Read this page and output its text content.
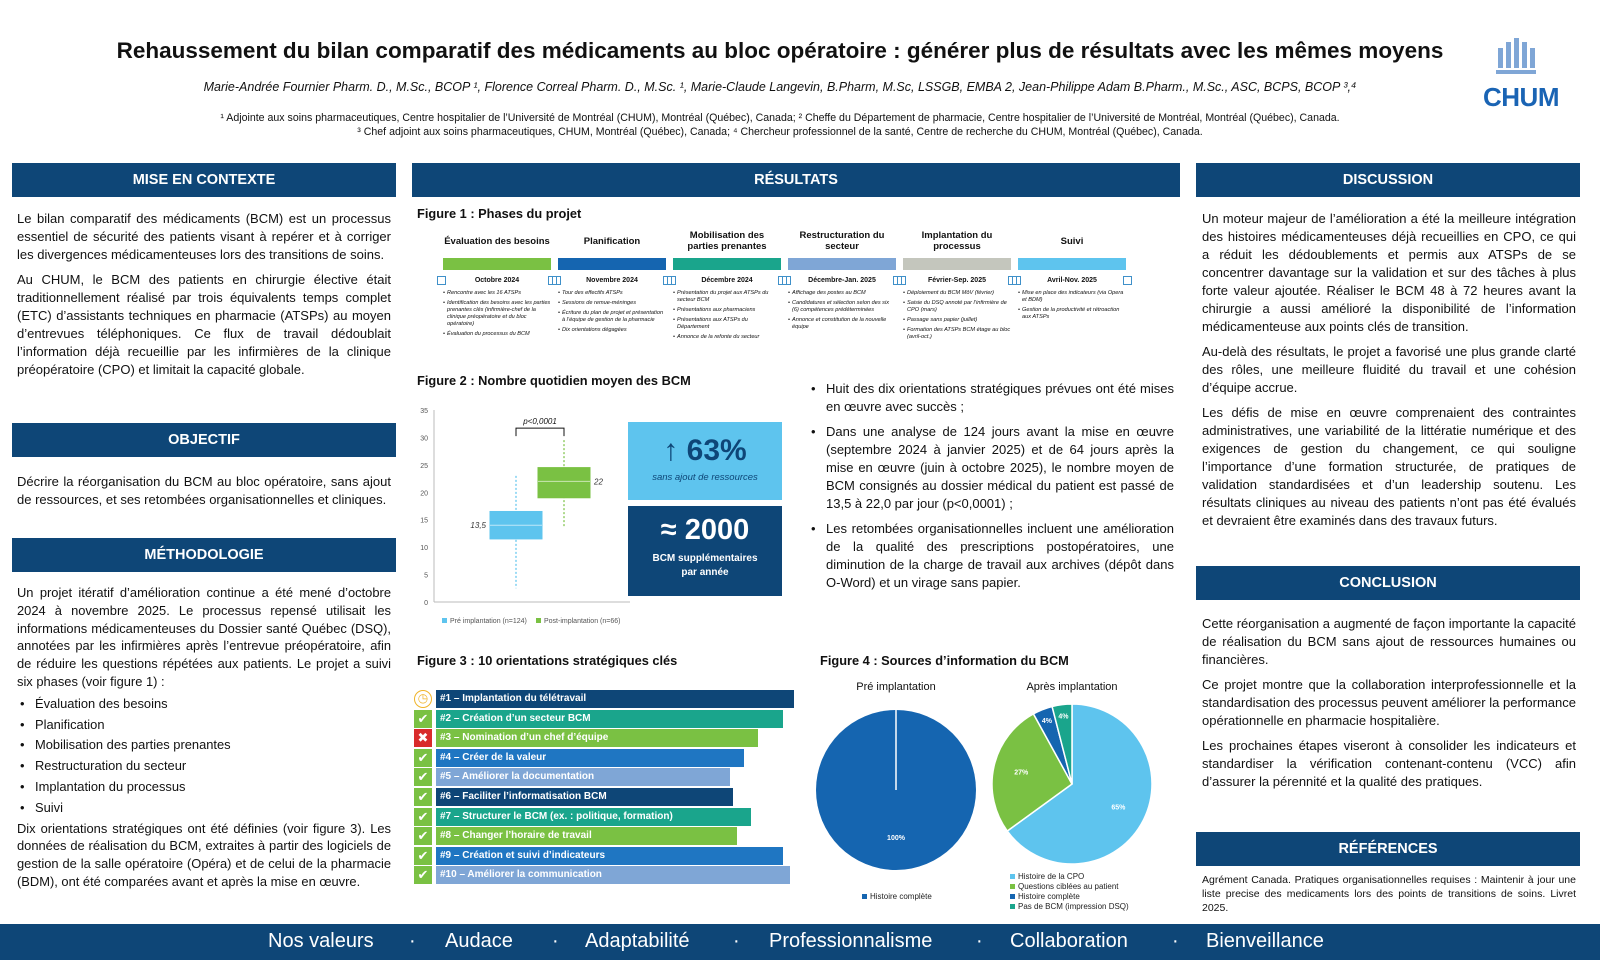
Rehaussement du bilan comparatif des médicaments au bloc opératoire : générer plus de résultats avec les mêmes moyens
Marie-Andrée Fournier Pharm. D., M.Sc., BCOP ¹, Florence Correal Pharm. D., M.Sc. ¹, Marie-Claude Langevin, B.Pharm, M.Sc, LSSGB, EMBA 2, Jean-Philippe Adam B.Pharm., M.Sc., ASC, BCPS, BCOP ³,⁴
¹ Adjointe aux soins pharmaceutiques, Centre hospitalier de l’Université de Montréal (CHUM), Montréal (Québec), Canada; ² Cheffe du Département de pharmacie, Centre hospitalier de l’Université de Montréal, Montréal (Québec), Canada.
³ Chef adjoint aux soins pharmaceutiques, CHUM, Montréal (Québec), Canada; ⁴ Chercheur professionnel de la santé, Centre de recherche du CHUM, Montréal (Québec), Canada.
CHUM
MISE EN CONTEXTE

Le bilan comparatif des médicaments (BCM) est un processus essentiel de sécurité des patients visant à repérer et à corriger les divergences médicamenteuses lors des transitions de soins.

Au CHUM, le BCM des patients en chirurgie élective était traditionnellement réalisé par trois équivalents temps complet (ETC) d’assistants techniques en pharmacie (ATSPs) au moyen d’entrevues téléphoniques. Ce flux de travail dédoublait l’information déjà recueillie par les infirmières de la clinique préopératoire (CPO) et limitait la capacité globale.

OBJECTIF

Décrire la réorganisation du BCM au bloc opératoire, sans ajout de ressources, et ses retombées organisationnelles et cliniques.

MÉTHODOLOGIE

Un projet itératif d’amélioration continue a été mené d’octobre 2024 à novembre 2025. Le processus repensé utilisait les informations médicamenteuses du Dossier santé Québec (DSQ), annotées par les infirmières après l’entrevue préopératoire, afin de réduire les questions répétées aux patients. Le projet a suivi six phases (voir figure 1) :

• Évaluation des besoins
• Planification
• Mobilisation des parties prenantes
• Restructuration du secteur
• Implantation du processus
• Suivi

Dix orientations stratégiques ont été définies (voir figure 3). Les données de réalisation du BCM, extraites à partir des logiciels de gestion de la salle opératoire (Opéra) et de celui de la pharmacie (BDM), ont été comparées avant et après la mise en œuvre.

RÉSULTATS
Figure 1 : Phases du projet
Évaluation des besoins
Octobre 2024
• Rencontre avec les 16 ATSPs
• Identification des besoins avec les parties prenantes clés (infirmière-chef de la clinique préopératoire et du bloc opératoire)
• Évaluation du processus du BCM
Planification
Novembre 2024
• Tour des effectifs ATSPs
• Sessions de remue-méninges
• Écriture du plan de projet et présentation à l’équipe de gestion de la pharmacie
• Dix orientations dégagées
Mobilisation des parties prenantes
Décembre 2024
• Présentation du projet aux ATSPs du secteur BCM
• Présentations aux pharmaciens
• Présentations aux ATSPs du Département
• Annonce de la refonte du secteur
Restructuration du secteur
Décembre-Jan. 2025
• Affichage des postes au BCM
• Candidatures et sélection selon des six (6) compétences prédéterminées
• Annonce et constitution de la nouvelle équipe
Implantation du processus
Février-Sep. 2025
• Déploiement du BCM MôV (février)
• Saisie du DSQ annoté par l’infirmière de CPO (mars)
• Passage sans papier (juillet)
• Formation des ATSPs BCM étage au bloc (avril-oct.)
Suivi
Avril-Nov. 2025
• Mise en place des indicateurs (via Opera et BDM)
• Gestion de la productivité et rétroaction aux ATSPs
Figure 2 : Nombre quotidien moyen des BCM
0
5
10
15
20
25
30
35
13,5
22
p<0,0001
Pré implantation (n=124) Post-implantation (n=66)
↑ 63%
sans ajout de ressources
≈ 2000
BCM supplémentaires
par année
• Huit des dix orientations stratégiques prévues ont été mises en œuvre avec succès ;
• Dans une analyse de 124 jours avant la mise en œuvre (septembre 2024 à janvier 2025) et de 64 jours après la mise en œuvre (juin à octobre 2025), le nombre moyen de BCM consignés au dossier médical du patient est passé de 13,5 à 22,0 par jour (p<0,0001) ;
• Les retombées organisationnelles incluent une amélioration de la qualité des prescriptions postopératoires, une diminution de la charge de travail aux archives (dépôt dans O-Word) et un virage sans papier.
Figure 3 : 10 orientations stratégiques clés
◷	#1 – Implantation du télétravail
✔	#2 – Création d’un secteur BCM
✖	#3 – Nomination d’un chef d’équipe
✔	#4 – Créer de la valeur
✔	#5 – Améliorer la documentation
✔	#6 – Faciliter l’informatisation BCM
✔	#7 – Structurer le BCM (ex. : politique, formation)
✔	#8 – Changer l’horaire de travail
✔	#9 – Création et suivi d’indicateurs
✔	#10 – Améliorer la communication
Figure 4 : Sources d’information du BCM
Pré implantation
100%
Après implantation
65%
27%
4%
4%
Histoire complète
Histoire de la CPO
Questions ciblées au patient
Histoire complète
Pas de BCM (impression DSQ)
DISCUSSION

Un moteur majeur de l’amélioration a été la meilleure intégration des histoires médicamenteuses déjà recueillies en CPO, ce qui a réduit les dédoublements et permis aux ATSPs de se concentrer davantage sur la validation et sur des tâches à plus forte valeur ajoutée. Réaliser le BCM 48 à 72 heures avant la chirurgie a aussi amélioré la disponibilité de l’information médicamenteuse aux points clés de transition.

Au-delà des résultats, le projet a favorisé une plus grande clarté des rôles, une meilleure fluidité du travail et une cohésion d’équipe accrue.

Les défis de mise en œuvre comprenaient des contraintes administratives, une variabilité de la littératie numérique et des exigences de gestion du changement, ce qui souligne l’importance d’une formation structurée, de pratiques de validation standardisées et d’un leadership soutenu. Les résultats cliniques au niveau des patients n’ont pas été évalués et devraient être examinés dans des travaux futurs.

CONCLUSION

Cette réorganisation a augmenté de façon importante la capacité de réalisation du BCM sans ajout de ressources humaines ou financières.

Ce projet montre que la collaboration interprofessionnelle et la standardisation des processus peuvent améliorer la performance opérationnelle en pharmacie hospitalière.

Les prochaines étapes viseront à consolider les indicateurs et standardiser la vérification contenant-contenu (VCC) afin d’assurer la pérennité et la qualité des pratiques.

RÉFÉRENCES

Agrément Canada. Pratiques organisationnelles requises : Maintenir à jour une liste precise des medicaments lors des points de transitions de soins. Livret 2025.

Nos valeurs	Audace	Adaptabilité	Professionnalisme	Collaboration	Bienveillance
·	·	·	·	·
